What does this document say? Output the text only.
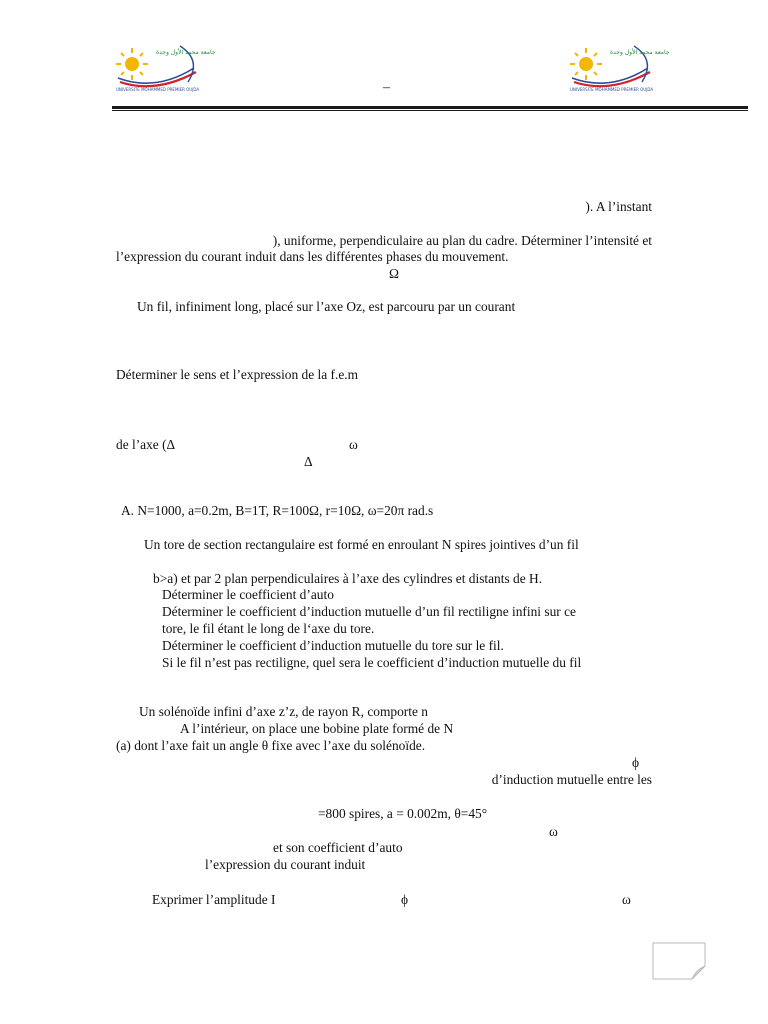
جامعة محمد الأول وجدة
UNIVERSITE MOHAMMED PREMIER OUJDA
جامعة محمد الأول وجدة
UNIVERSITE MOHAMMED PREMIER OUJDA
–
). A l’instant
), uniforme, perpendiculaire au plan du cadre. Déterminer l’intensité et
l’expression du courant induit dans les différentes phases du mouvement.
Ω
Un fil, infiniment long, placé sur l’axe Oz, est parcouru par un courant
Déterminer le sens et l’expression de la f.e.m
de l’axe (Δ	ω
Δ
A. N=1000, a=0.2m, B=1T, R=100Ω, r=10Ω, ω=20π rad.s
Un tore de section rectangulaire est formé en enroulant N spires jointives d’un fil
b>a) et par 2 plan perpendiculaires à l’axe des cylindres et distants de H.
Déterminer le coefficient d’auto
Déterminer le coefficient d’induction mutuelle d’un fil rectiligne infini sur ce
tore, le fil étant le long de l‘axe du tore.
Déterminer le coefficient d’induction mutuelle du tore sur le fil.
Si le fil n’est pas rectiligne, quel sera le coefficient d’induction mutuelle du fil
Un solénoïde infini d’axe z’z, de rayon R, comporte n
A l’intérieur, on place une bobine plate formé de N
(a) dont l’axe fait un angle θ fixe avec l’axe du solénoïde.
ϕ
d’induction mutuelle entre les
=800 spires, a = 0.002m, θ=45°
ω
et son coefficient d’auto
l’expression du courant induit
Exprimer l’amplitude I	ϕ	ω
